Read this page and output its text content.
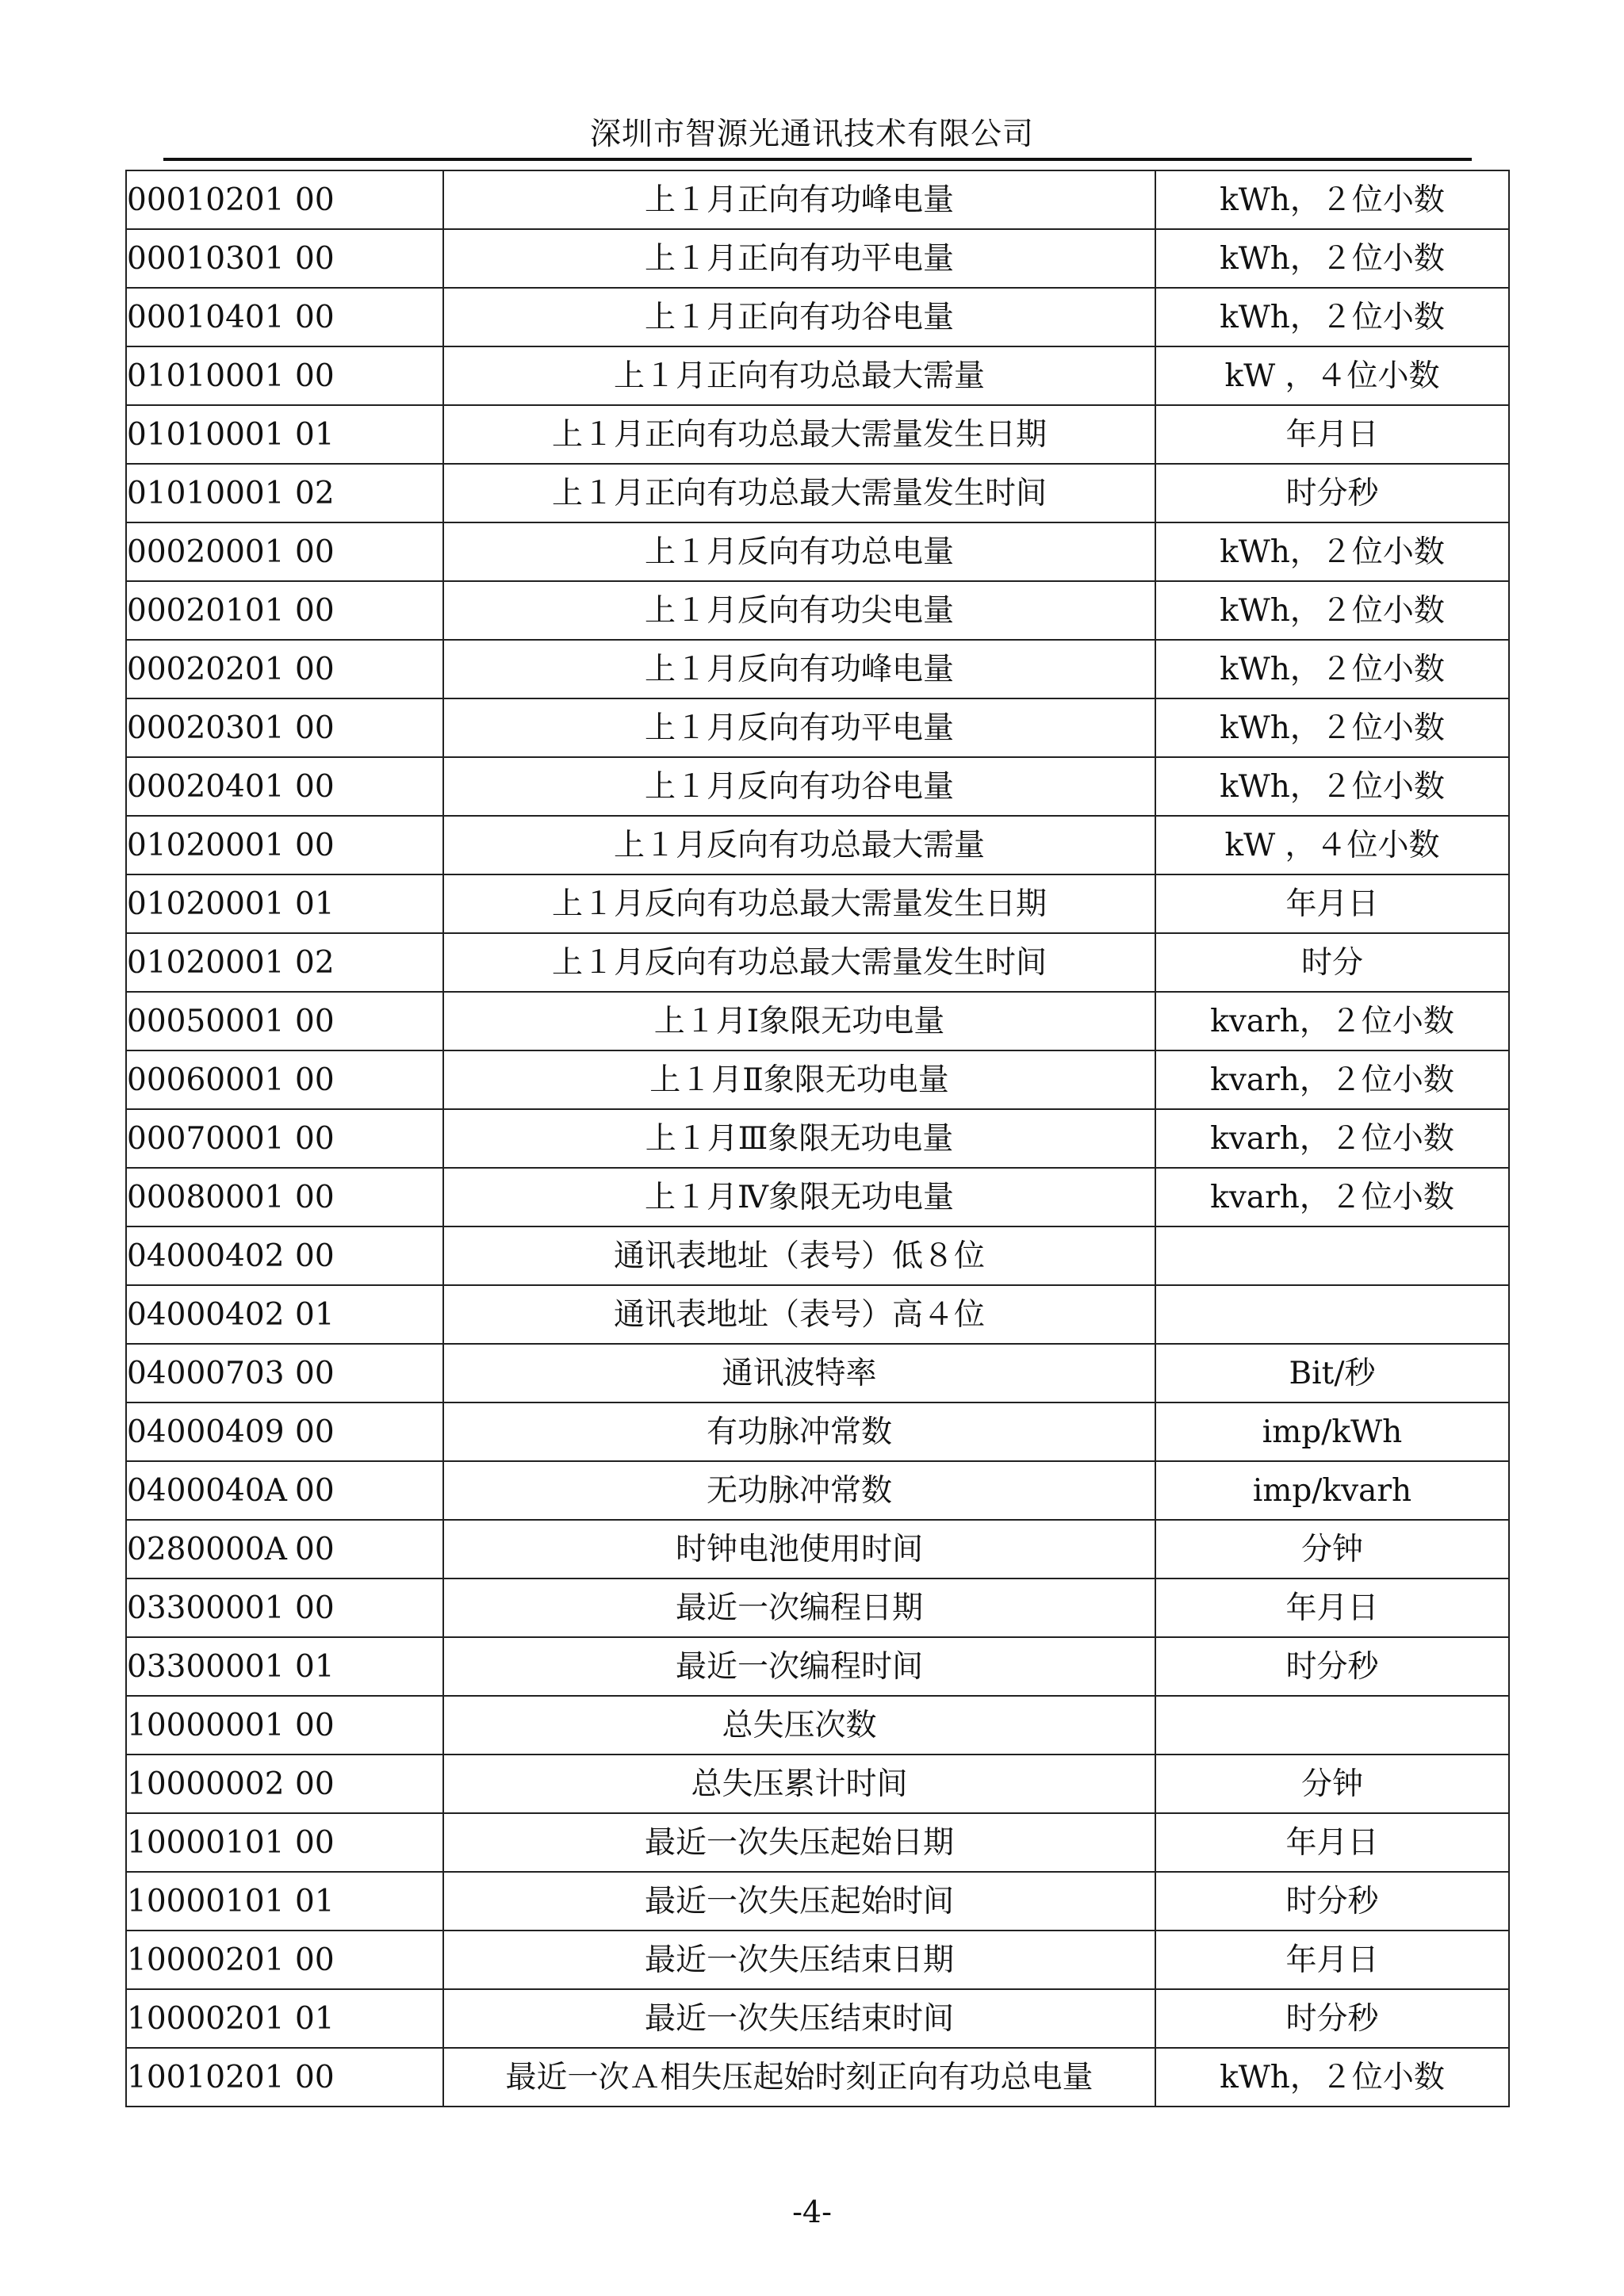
深圳市智源光通讯技术有限公司
00010201 00	上１月正向有功峰电量	kWh，２位小数
00010301 00	上１月正向有功平电量	kWh，２位小数
00010401 00	上１月正向有功谷电量	kWh，２位小数
01010001 00	上１月正向有功总最大需量	kW ，４位小数
01010001 01	上１月正向有功总最大需量发生日期	年月日
01010001 02	上１月正向有功总最大需量发生时间	时分秒
00020001 00	上１月反向有功总电量	kWh，２位小数
00020101 00	上１月反向有功尖电量	kWh，２位小数
00020201 00	上１月反向有功峰电量	kWh，２位小数
00020301 00	上１月反向有功平电量	kWh，２位小数
00020401 00	上１月反向有功谷电量	kWh，２位小数
01020001 00	上１月反向有功总最大需量	kW ，４位小数
01020001 01	上１月反向有功总最大需量发生日期	年月日
01020001 02	上１月反向有功总最大需量发生时间	时分
00050001 00	上１月Ⅰ象限无功电量	kvarh，２位小数
00060001 00	上１月Ⅱ象限无功电量	kvarh，２位小数
00070001 00	上１月Ⅲ象限无功电量	kvarh，２位小数
00080001 00	上１月Ⅳ象限无功电量	kvarh，２位小数
04000402 00	通讯表地址（表号）低８位	
04000402 01	通讯表地址（表号）高４位	
04000703 00	通讯波特率	Bit/秒
04000409 00	有功脉冲常数	imp/kWh
0400040A 00	无功脉冲常数	imp/kvarh
0280000A 00	时钟电池使用时间	分钟
03300001 00	最近一次编程日期	年月日
03300001 01	最近一次编程时间	时分秒
10000001 00	总失压次数	
10000002 00	总失压累计时间	分钟
10000101 00	最近一次失压起始日期	年月日
10000101 01	最近一次失压起始时间	时分秒
10000201 00	最近一次失压结束日期	年月日
10000201 01	最近一次失压结束时间	时分秒
10010201 00	最近一次Ａ相失压起始时刻正向有功总电量	kWh，２位小数
-4-
